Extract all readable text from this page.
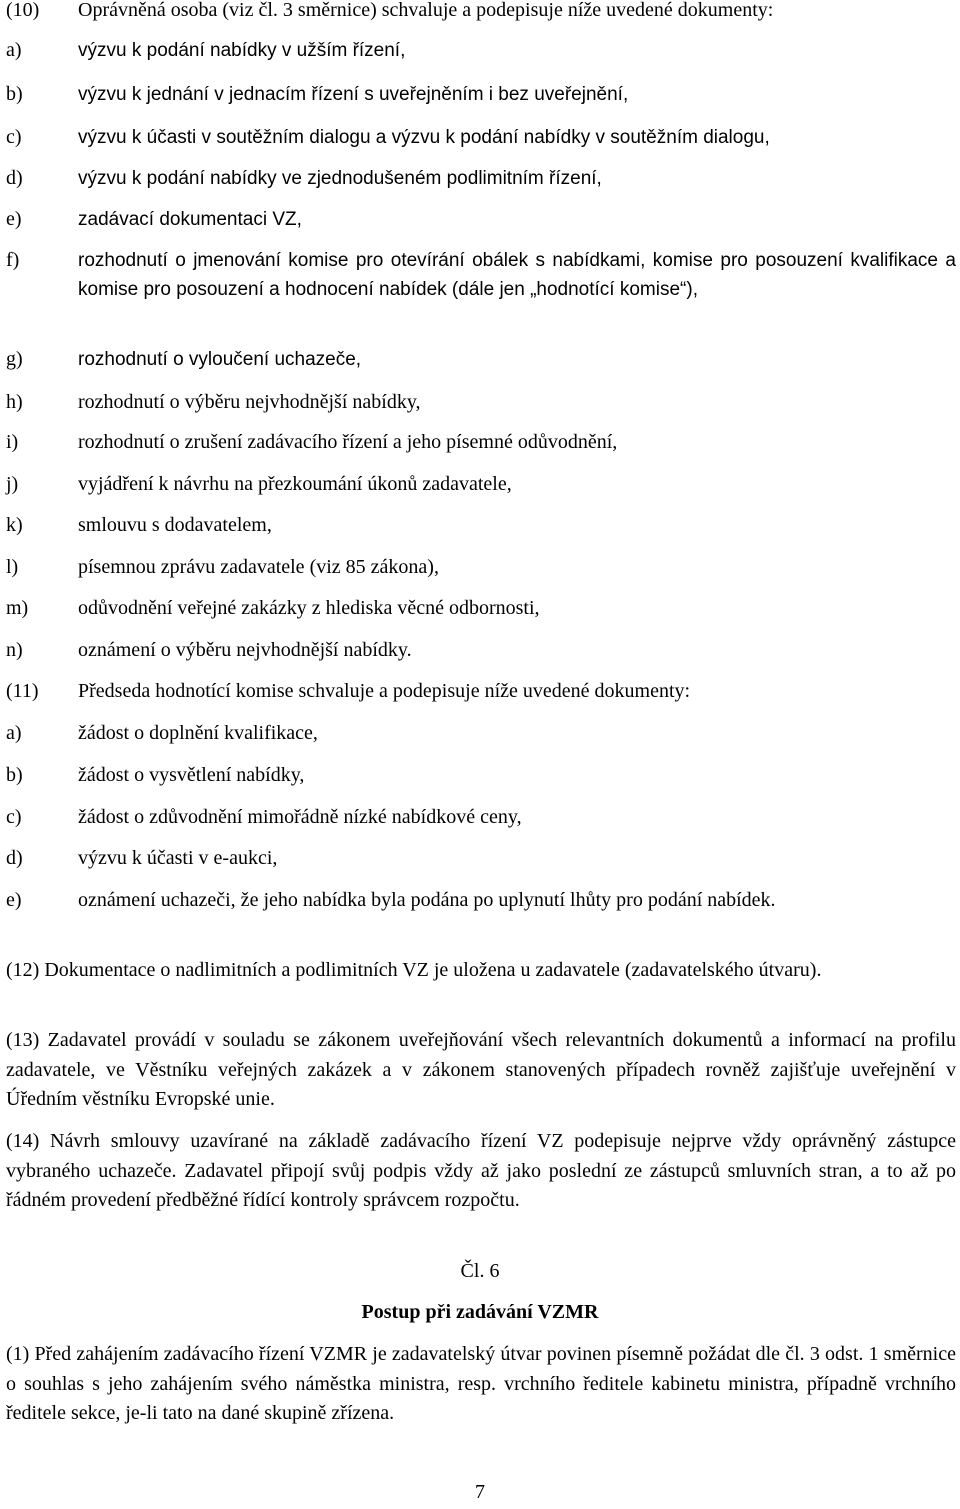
(10)	Oprávněná osoba (viz čl. 3 směrnice) schvaluje a podepisuje níže uvedené dokumenty:
a)	výzvu k podání nabídky v užším řízení,
b)	výzvu k jednání v jednacím řízení s uveřejněním i bez uveřejnění,
c)	výzvu k účasti v soutěžním dialogu a výzvu k podání nabídky v soutěžním dialogu,
d)	výzvu k podání nabídky ve zjednodušeném podlimitním řízení,
e)	zadávací dokumentaci VZ,
f)	rozhodnutí o jmenování komise pro otevírání obálek s nabídkami, komise pro posouzení kvalifikace a komise pro posouzení a hodnocení nabídek (dále jen „hodnotící komise“),
g)	rozhodnutí o vyloučení uchazeče,
h)	rozhodnutí o výběru nejvhodnější nabídky,
i)	rozhodnutí o zrušení zadávacího řízení a jeho písemné odůvodnění,
j)	vyjádření k návrhu na přezkoumání úkonů zadavatele,
k)	smlouvu s dodavatelem,
l)	písemnou zprávu zadavatele (viz 85 zákona),
m)	odůvodnění veřejné zakázky z hlediska věcné odbornosti,
n)	oznámení o výběru nejvhodnější nabídky.
(11)	Předseda hodnotící komise schvaluje a podepisuje níže uvedené dokumenty:
a)	žádost o doplnění kvalifikace,
b)	žádost o vysvětlení nabídky,
c)	žádost o zdůvodnění mimořádně nízké nabídkové ceny,
d)	výzvu k účasti v e-aukci,
e)	oznámení uchazeči, že jeho nabídka byla podána po uplynutí lhůty pro podání nabídek.
(12) Dokumentace o nadlimitních a podlimitních VZ je uložena u zadavatele (zadavatelského útvaru).
(13) Zadavatel provádí v souladu se zákonem uveřejňování všech relevantních dokumentů a informací na profilu zadavatele, ve Věstníku veřejných zakázek a v zákonem stanovených případech rovněž zajišťuje uveřejnění v Úředním věstníku Evropské unie.
(14) Návrh smlouvy uzavírané na základě zadávacího řízení VZ podepisuje nejprve vždy oprávněný zástupce vybraného uchazeče. Zadavatel připojí svůj podpis vždy až jako poslední ze zástupců smluvních stran, a to až po řádném provedení předběžné řídící kontroly správcem rozpočtu.
Čl. 6
Postup při zadávání VZMR
(1) Před zahájením zadávacího řízení VZMR je zadavatelský útvar povinen písemně požádat dle čl. 3 odst. 1 směrnice o souhlas s jeho zahájením svého náměstka ministra, resp. vrchního ředitele kabinetu ministra, případně vrchního ředitele sekce, je-li tato na dané skupině zřízena.
7
